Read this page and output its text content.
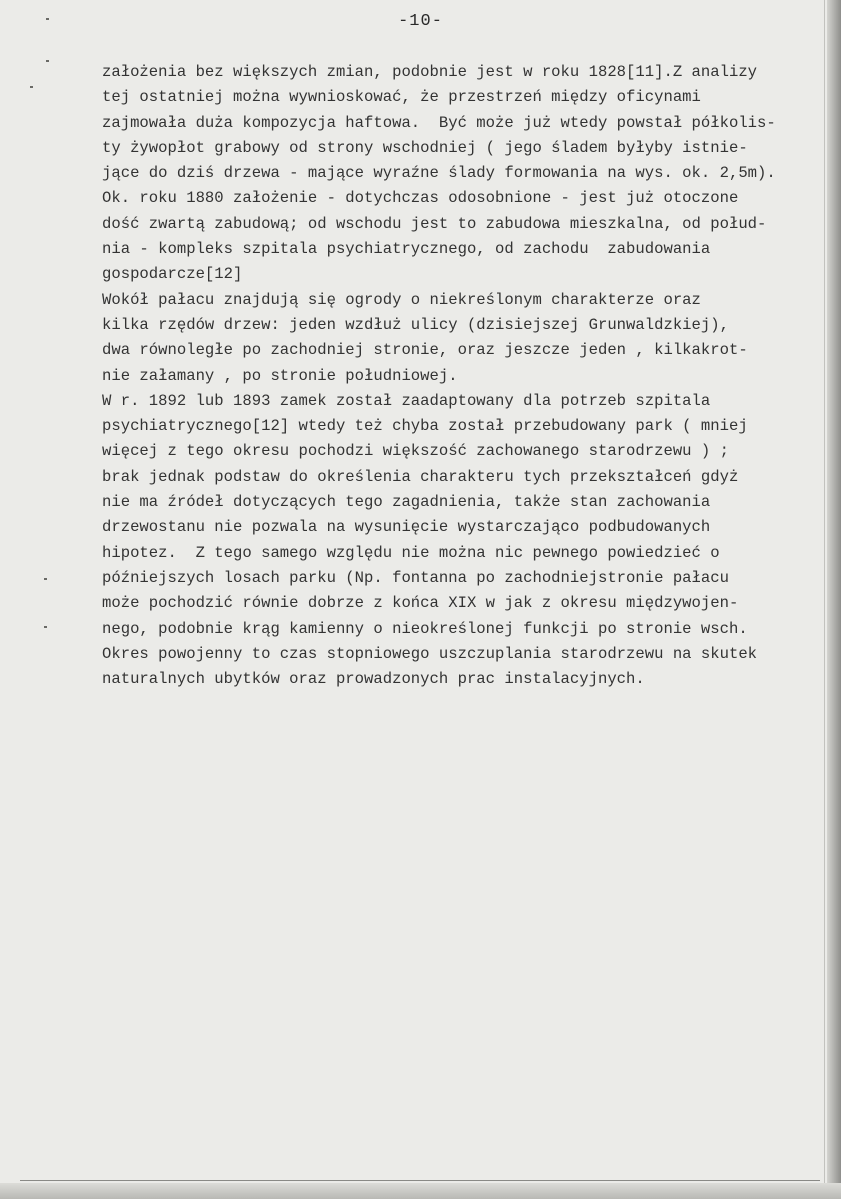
-10-
założenia bez większych zmian, podobnie jest w roku 1828[11].Z analizy
tej ostatniej można wywnioskować, że przestrzeń między oficynami
zajmowała duża kompozycja haftowa.  Być może już wtedy powstał półkolis-
ty żywopłot grabowy od strony wschodniej ( jego śladem byłyby istnie-
jące do dziś drzewa - mające wyraźne ślady formowania na wys. ok. 2,5m).
Ok. roku 1880 założenie - dotychczas odosobnione - jest już otoczone
dość zwartą zabudową; od wschodu jest to zabudowa mieszkalna, od połud-
nia - kompleks szpitala psychiatrycznego, od zachodu  zabudowania
gospodarcze[12]
Wokół pałacu znajdują się ogrody o niekreślonym charakterze oraz
kilka rzędów drzew: jeden wzdłuż ulicy (dzisiejszej Grunwaldzkiej),
dwa równoległe po zachodniej stronie, oraz jeszcze jeden , kilkakrot-
nie załamany , po stronie południowej.
W r. 1892 lub 1893 zamek został zaadaptowany dla potrzeb szpitala
psychiatrycznego[12] wtedy też chyba został przebudowany park ( mniej
więcej z tego okresu pochodzi większość zachowanego starodrzewu ) ;
brak jednak podstaw do określenia charakteru tych przekształceń gdyż
nie ma źródeł dotyczących tego zagadnienia, także stan zachowania
drzewostanu nie pozwala na wysunięcie wystarczająco podbudowanych
hipotez.  Z tego samego względu nie można nic pewnego powiedzieć o
późniejszych losach parku (Np. fontanna po zachodniejstronie pałacu
może pochodzić równie dobrze z końca XIX w jak z okresu międzywojen-
nego, podobnie krąg kamienny o nieokreślonej funkcji po stronie wsch.
Okres powojenny to czas stopniowego uszczuplania starodrzewu na skutek
naturalnych ubytków oraz prowadzonych prac instalacyjnych.
